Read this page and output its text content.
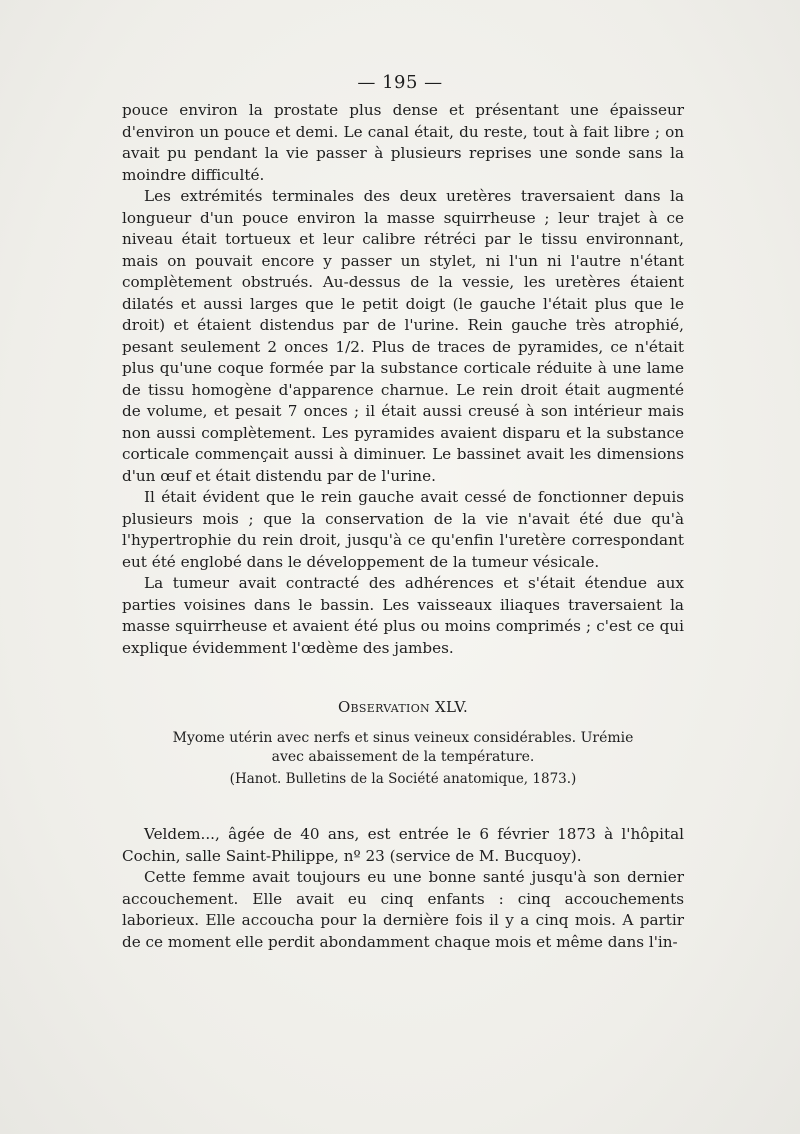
— 195 —

pouce environ la prostate plus dense et présentant une épaisseur d'environ un pouce et demi. Le canal était, du reste, tout à fait libre ; on avait pu pendant la vie passer à plusieurs reprises une sonde sans la moindre difficulté.

Les extrémités terminales des deux uretères traversaient dans la longueur d'un pouce environ la masse squirrheuse ; leur trajet à ce niveau était tortueux et leur calibre rétréci par le tissu environnant, mais on pouvait encore y passer un stylet, ni l'un ni l'autre n'étant complètement obstrués. Au-dessus de la vessie, les uretères étaient dilatés et aussi larges que le petit doigt (le gauche l'était plus que le droit) et étaient distendus par de l'urine. Rein gauche très atrophié, pesant seulement 2 onces 1/2. Plus de traces de pyramides, ce n'était plus qu'une coque formée par la substance corticale réduite à une lame de tissu homogène d'apparence charnue. Le rein droit était augmenté de volume, et pesait 7 onces ; il était aussi creusé à son intérieur mais non aussi complètement. Les pyramides avaient disparu et la substance corticale commençait aussi à diminuer. Le bassinet avait les dimensions d'un œuf et était distendu par de l'urine.

Il était évident que le rein gauche avait cessé de fonctionner depuis plusieurs mois ; que la conservation de la vie n'avait été due qu'à l'hypertrophie du rein droit, jusqu'à ce qu'enfin l'uretère correspondant eut été englobé dans le développement de la tumeur vésicale.

La tumeur avait contracté des adhérences et s'était étendue aux parties voisines dans le bassin. Les vaisseaux iliaques traversaient la masse squirrheuse et avaient été plus ou moins comprimés ; c'est ce qui explique évidemment l'œdème des jambes.

Observation XLV.
Myome utérin avec nerfs et sinus veineux considérables. Urémie avec abaissement de la température.
(Hanot. Bulletins de la Société anatomique, 1873.)

Veldem..., âgée de 40 ans, est entrée le 6 février 1873 à l'hôpital Cochin, salle Saint-Philippe, nº 23 (service de M. Bucquoy).

Cette femme avait toujours eu une bonne santé jusqu'à son dernier accouchement. Elle avait eu cinq enfants : cinq accouchements laborieux. Elle accoucha pour la dernière fois il y a cinq mois. A partir de ce moment elle perdit abondamment chaque mois et même dans l'in-
